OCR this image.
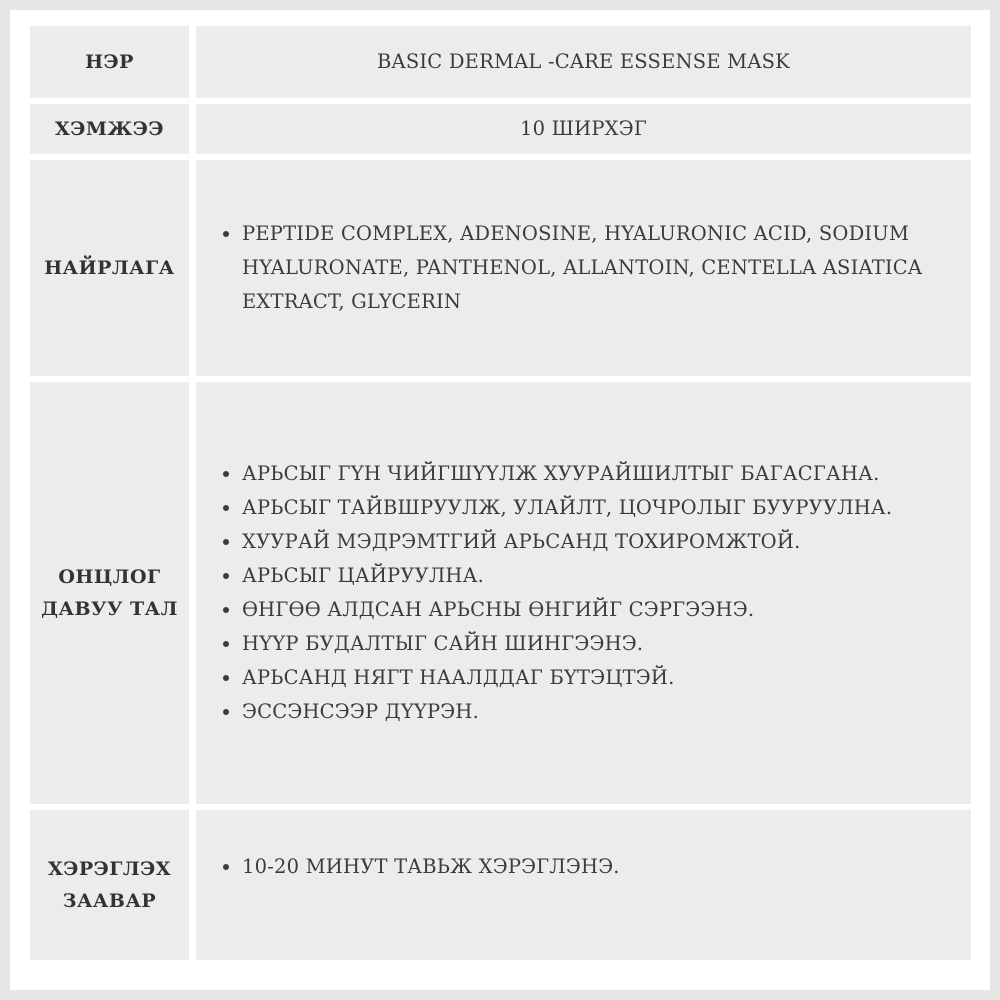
НЭР	BASIC DERMAL -CARE ESSENSE MASK
ХЭМЖЭЭ	10 ШИРХЭГ
НАЙРЛАГА
• PEPTIDE COMPLEX, ADENOSINE, HYALURONIC ACID, SODIUM HYALURONATE, PANTHENOL, ALLANTOIN, CENTELLA ASIATICA EXTRACT, GLYCERIN
ОНЦЛОГ
ДАВУУ ТАЛ
• АРЬСЫГ ГҮН ЧИЙГШҮҮЛЖ ХУУРАЙШИЛТЫГ БАГАСГАНА.
• АРЬСЫГ ТАЙВШРУУЛЖ, УЛАЙЛТ, ЦОЧРОЛЫГ БУУРУУЛНА.
• ХУУРАЙ МЭДРЭМТГИЙ АРЬСАНД ТОХИРОМЖТОЙ.
• АРЬСЫГ ЦАЙРУУЛНА.
• ӨНГӨӨ АЛДСАН АРЬСНЫ ӨНГИЙГ СЭРГЭЭНЭ.
• НҮҮР БУДАЛТЫГ САЙН ШИНГЭЭНЭ.
• АРЬСАНД НЯГТ НААЛДДАГ БҮТЭЦТЭЙ.
• ЭССЭНСЭЭР ДҮҮРЭН.
ХЭРЭГЛЭХ
ЗААВАР
• 10-20 МИНУТ ТАВЬЖ ХЭРЭГЛЭНЭ.
